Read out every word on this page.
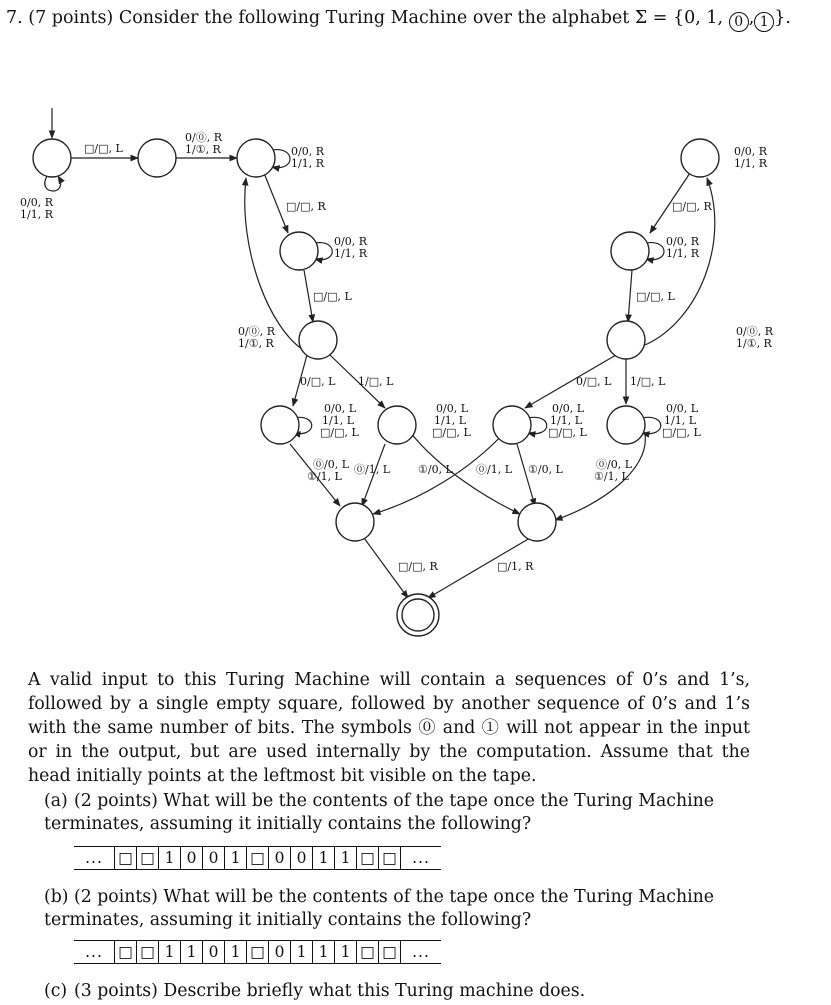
7. (7 points) Consider the following Turing Machine over the alphabet Σ = {0, 1, 0 , 1 }.
□/□, L
0/⓪, R
1/①, R
0/0, R
1/1, R
0/0, R
1/1, R
□/□, R
0/0, R
1/1, R
□/□, L
0/⓪, R
1/①, R
0/□, L 1/□, L
0/0, L
1/1, L
□/□, L
0/0, L
1/1, L
□/□, L
⓪/0, L
①/1, L
⓪/1, L	①/0, L
0/0, R
1/1, R
□/□, R
0/0, R
1/1, R
□/□, L
0/⓪, R
1/①, R
0/□, L 1/□, L
0/0, L
1/1, L
□/□, L
0/0, L
1/1, L
□/□, L
⓪/1, L ①/0, L	⓪/0, L
①/1, L
□/□, R	□/1, R
A valid input to this Turing Machine will contain a sequences of 0’s and 1’s, followed by a single empty square, followed by another sequence of 0’s and 1’s with the same number of bits. The symbols ⓪ and ① will not appear in the input or in the output, but are used internally by the computation. Assume that the head initially points at the leftmost bit visible on the tape.
(a) (2 points) What will be the contents of the tape once the Turing Machine terminates, assuming it initially contains the following?
... □ □ 1 0 0 1 □ 0 0 1 1 □ □ ...
(b) (2 points) What will be the contents of the tape once the Turing Machine terminates, assuming it initially contains the following?
... □ □ 1 1 0 1 □ 0 1 1 1 □ □ ...
(c) (3 points) Describe briefly what this Turing machine does.
